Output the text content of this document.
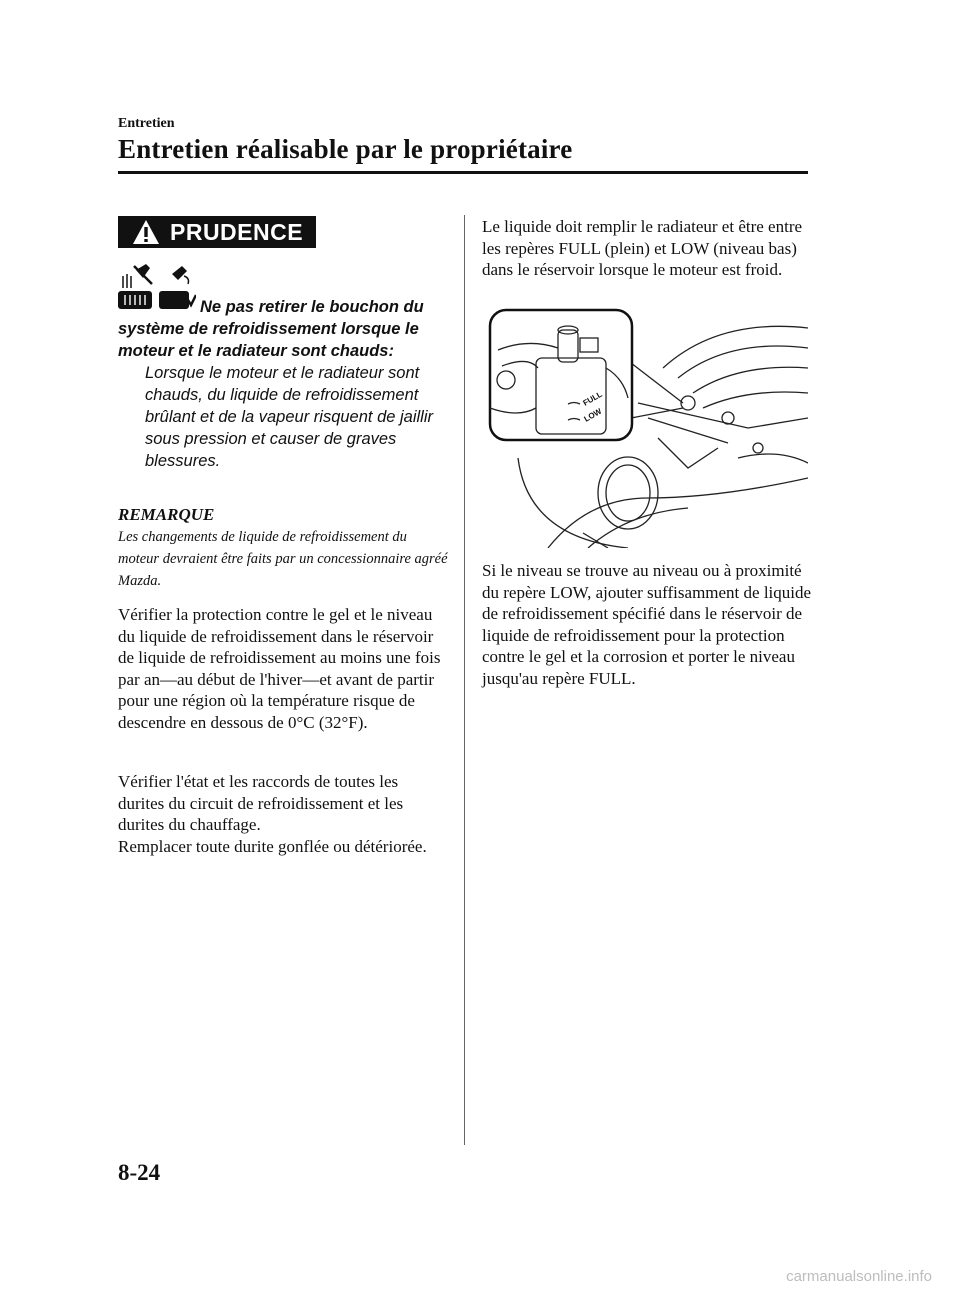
Entretien
Entretien réalisable par le propriétaire
PRUDENCE
Ne pas retirer le bouchon du système de refroidissement lorsque le moteur et le radiateur sont chauds:
Lorsque le moteur et le radiateur sont chauds, du liquide de refroidissement brûlant et de la vapeur risquent de jaillir sous pression et causer de graves blessures.
REMARQUE
Les changements de liquide de refroidissement du moteur devraient être faits par un concessionnaire agréé Mazda.
Vérifier la protection contre le gel et le niveau du liquide de refroidissement dans le réservoir de liquide de refroidissement au moins une fois par an―au début de l'hiver―et avant de partir pour une région où la température risque de descendre en dessous de 0°C (32°F).
Vérifier l'état et les raccords de toutes les durites du circuit de refroidissement et les durites du chauffage.
Remplacer toute durite gonflée ou détériorée.
Le liquide doit remplir le radiateur et être entre les repères FULL (plein) et LOW (niveau bas) dans le réservoir lorsque le moteur est froid.
FULL
LOW
Si le niveau se trouve au niveau ou à proximité du repère LOW, ajouter suffisamment de liquide de refroidissement spécifié dans le réservoir de liquide de refroidissement pour la protection contre le gel et la corrosion et porter le niveau jusqu'au repère FULL.
8-24
carmanualsonline.info
